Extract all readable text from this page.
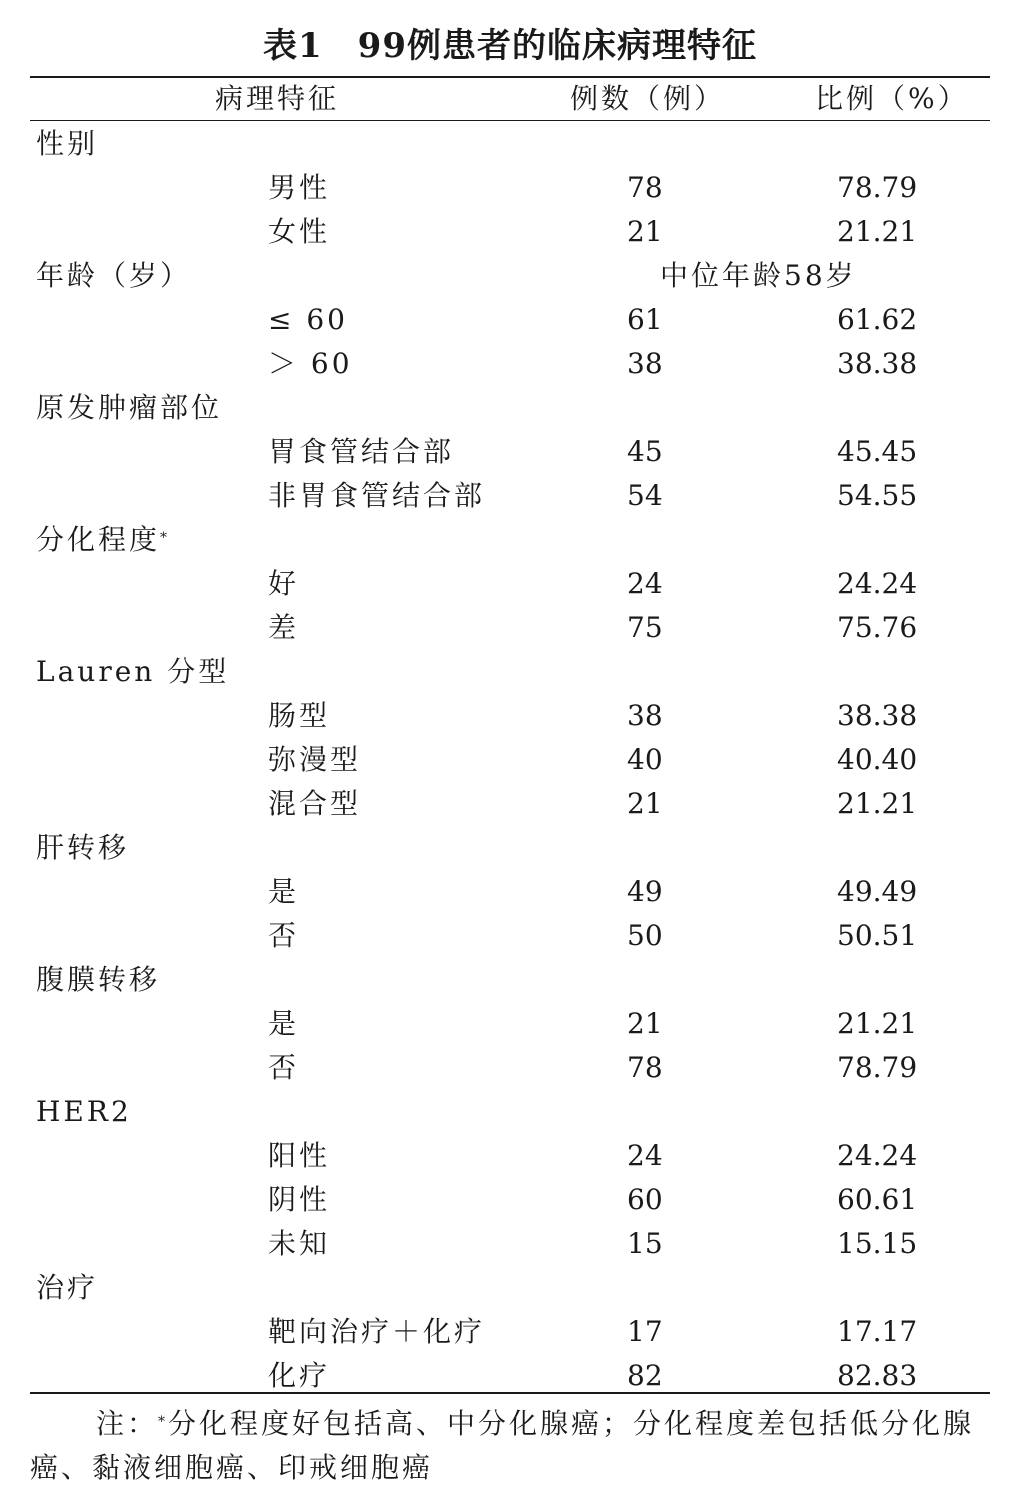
表1　99例患者的临床病理特征
病理特征	例数（例）	比例（%）
性别
男性	78	78.79
女性	21	21.21
年龄（岁）	中位年龄58岁
≤ 60	61	61.62
＞ 60	38	38.38
原发肿瘤部位
胃食管结合部	45	45.45
非胃食管结合部	54	54.55
分化程度*
好	24	24.24
差	75	75.76
Lauren 分型
肠型	38	38.38
弥漫型	40	40.40
混合型	21	21.21
肝转移
是	49	49.49
否	50	50.51
腹膜转移
是	21	21.21
否	78	78.79
HER2
阳性	24	24.24
阴性	60	60.61
未知	15	15.15
治疗
靶向治疗＋化疗	17	17.17
化疗	82	82.83
注：*分化程度好包括高、中分化腺癌；分化程度差包括低分化腺癌、黏液细胞癌、印戒细胞癌
